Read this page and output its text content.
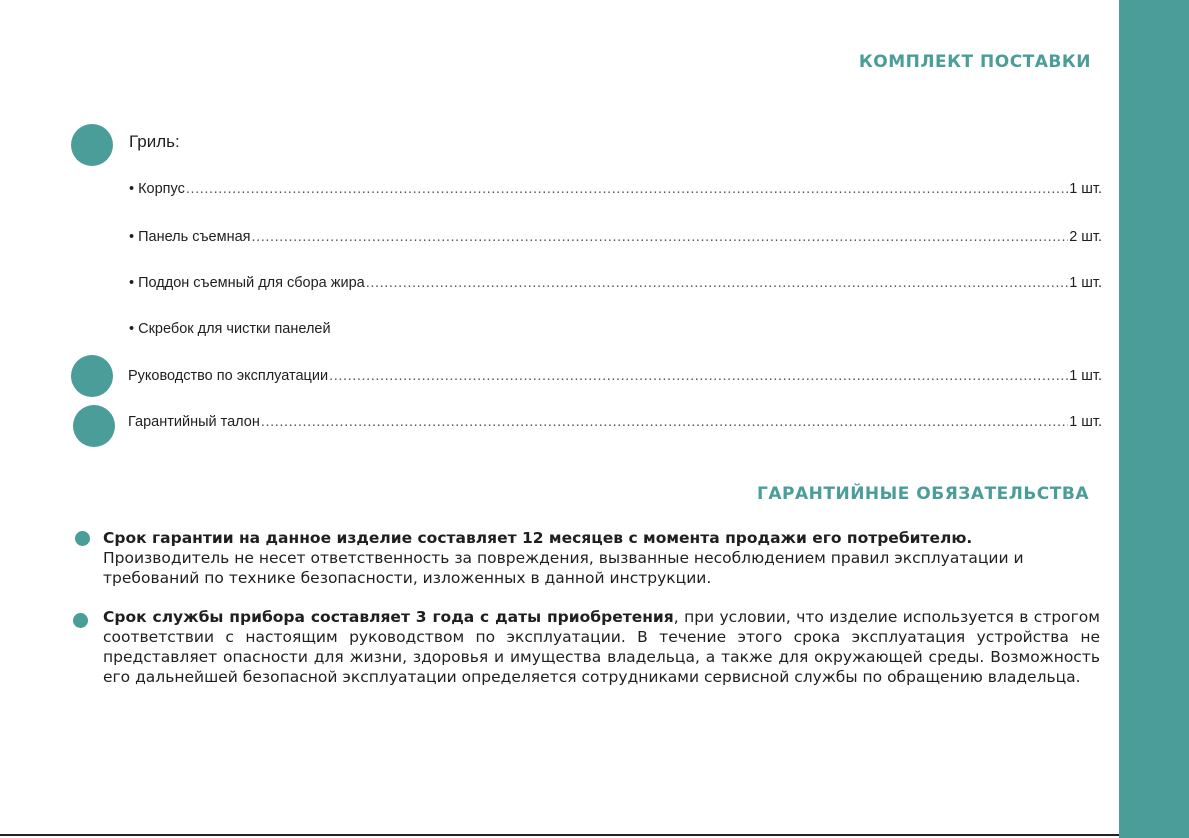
КОМПЛЕКТ ПОСТАВКИ
Гриль:
• Корпус .....	1 шт.
• Панель съемная .....	2 шт.
• Поддон съемный для сбора жира .....	1 шт.
• Скребок для чистки панелей
Руководство по эксплуатации .....	1 шт.
Гарантийный талон .....	1 шт.
ГАРАНТИЙНЫЕ ОБЯЗАТЕЛЬСТВА

Срок гарантии на данное изделие составляет 12 месяцев с момента продажи его потребителю.
Производитель не несет ответственность за повреждения, вызванные несоблюдением правил эксплуатации и требований по технике безопасности, изложенных в данной инструкции.

Срок службы прибора составляет 3 года с даты приобретения, при условии, что изделие используется в строгом соответствии с настоящим руководством по эксплуатации. В течение этого срока эксплуатация устройства не представляет опасности для жизни, здоровья и имущества владельца, а также для окружающей среды. Возможность его дальнейшей безопасной эксплуатации определяется сотрудниками сервисной службы по обращению владельца.
